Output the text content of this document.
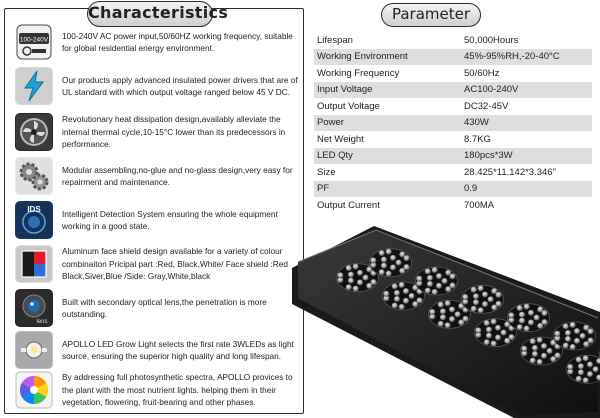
Characteristics
100-240V 100-240V AC power input,50/60HZ working frequency, suitable for global residential energy environment.
Our products apply advanced insulated power drivers that are of UL standard with which output voltage ranged below 45 V DC.
Revolutionary heat dissipation design,availably alleviate the internal thermal cycle,10-15°C lower than its predecessors in performance.
Modular assembling,no-glue and no-glass design,very easy for repairment and maintenance.
IDS	Intelligent Detection System ensuring the whole equipment working in a good state.
Aluminum face shield design available for a variety of colour combinaiton Pricipal part :Red, Black,White/ Face shield :Red Black,Siver,Blue /Side: Gray,White,black
lens
Built with secondary optical lens,the penetration is more outstanding.
APOLLO LED Grow Light selects the first rate 3WLEDs as light source, ensuring the superior high quality and long lifespan.
By addressing full photosynthetic spectra, APOLLO provices to the plant with the most nutrient lights. helping them in their vegetation, flowering, fruit-bearing and other phases.
Parameter
Lifespan	50,000Hours
Working Environment	45%-95%RH,-20-40°C
Working Frequency	50/60Hz
Input Voltage	AC100-240V
Output Voltage	DC32-45V
Power	430W
Net Weight	8.7KG
LED Qty	180pcs*3W
Size	28.425*11.142*3.346"
PF	0.9
Output Current	700MA
